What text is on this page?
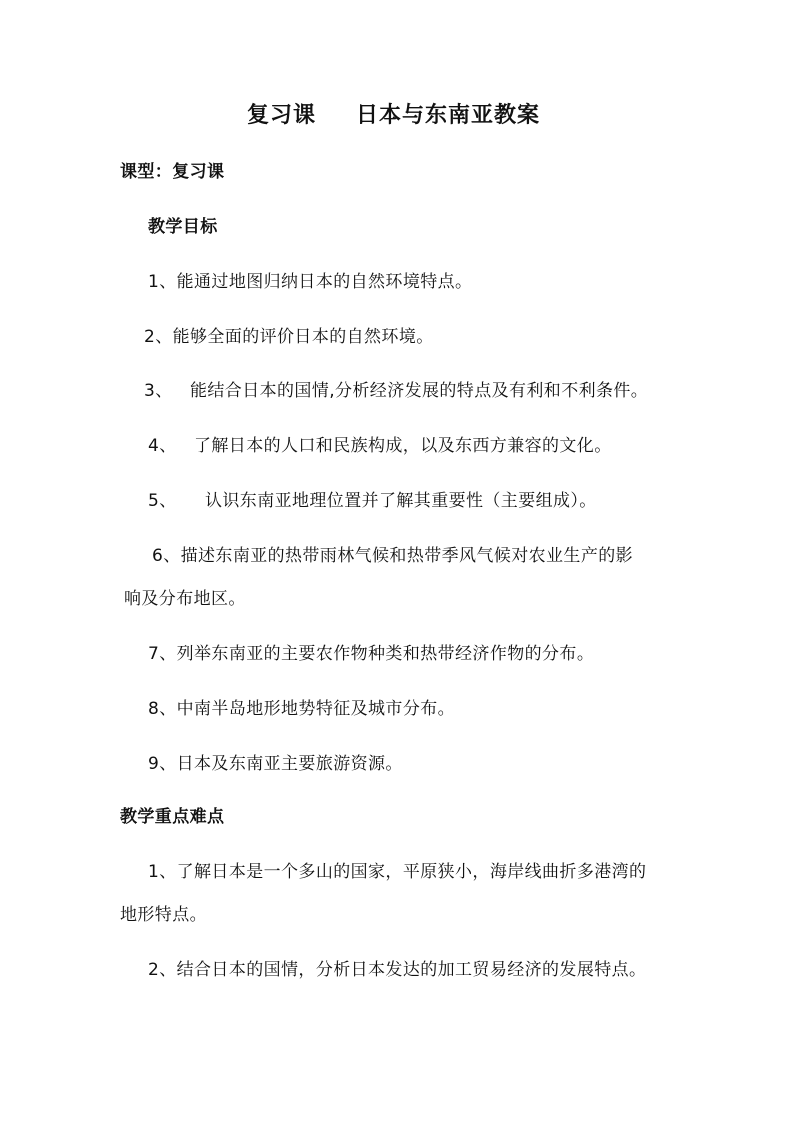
复习课 日本与东南亚教案
课型：复习课
教学目标
1、能通过地图归纳日本的自然环境特点。
2、能够全面的评价日本的自然环境。
3、 能结合日本的国情,分析经济发展的特点及有利和不利条件。
4、 了解日本的人口和民族构成，以及东西方兼容的文化。
5、 认识东南亚地理位置并了解其重要性（主要组成）。
6、描述东南亚的热带雨林气候和热带季风气候对农业生产的影
响及分布地区。
7、列举东南亚的主要农作物种类和热带经济作物的分布。
8、中南半岛地形地势特征及城市分布。
9、日本及东南亚主要旅游资源。
教学重点难点
1、了解日本是一个多山的国家，平原狭小，海岸线曲折多港湾的
地形特点。
2、结合日本的国情，分析日本发达的加工贸易经济的发展特点。
